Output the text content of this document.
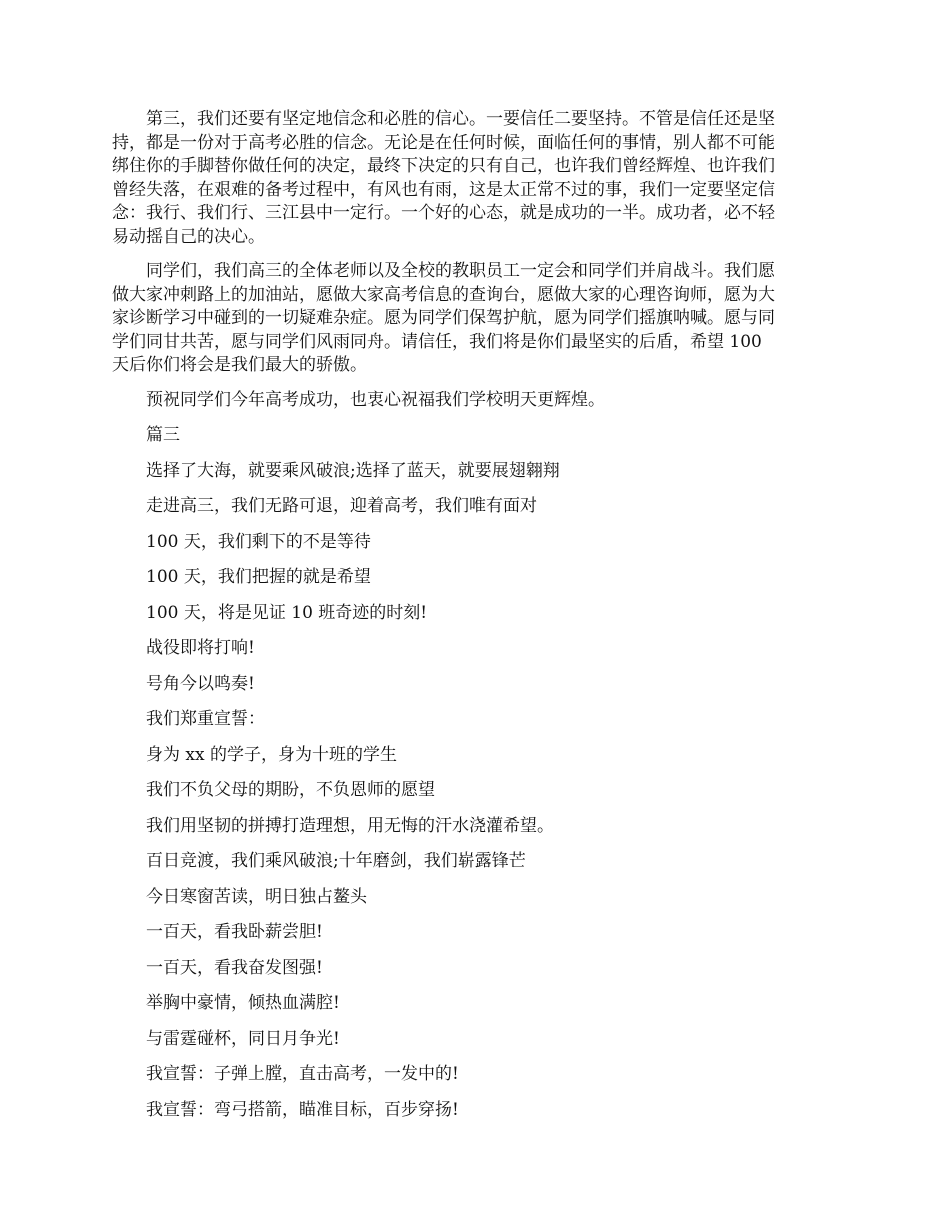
第三，我们还要有坚定地信念和必胜的信心。一要信任二要坚持。不管是信任还是坚
持，都是一份对于高考必胜的信念。无论是在任何时候，面临任何的事情，别人都不可能
绑住你的手脚替你做任何的决定，最终下决定的只有自己，也许我们曾经辉煌、也许我们
曾经失落，在艰难的备考过程中，有风也有雨，这是太正常不过的事，我们一定要坚定信
念：我行、我们行、三江县中一定行。一个好的心态，就是成功的一半。成功者，必不轻
易动摇自己的决心。

同学们，我们高三的全体老师以及全校的教职员工一定会和同学们并肩战斗。我们愿
做大家冲刺路上的加油站，愿做大家高考信息的查询台，愿做大家的心理咨询师，愿为大
家诊断学习中碰到的一切疑难杂症。愿为同学们保驾护航，愿为同学们摇旗呐喊。愿与同
学们同甘共苦，愿与同学们风雨同舟。请信任，我们将是你们最坚实的后盾，希望 100
天后你们将会是我们最大的骄傲。

预祝同学们今年高考成功，也衷心祝福我们学校明天更辉煌。

篇三

选择了大海，就要乘风破浪;选择了蓝天，就要展翅翱翔

走进高三，我们无路可退，迎着高考，我们唯有面对

100 天，我们剩下的不是等待

100 天，我们把握的就是希望

100 天，将是见证 10 班奇迹的时刻!

战役即将打响!

号角今以鸣奏!

我们郑重宣誓：

身为 xx 的学子，身为十班的学生

我们不负父母的期盼，不负恩师的愿望

我们用坚韧的拼搏打造理想，用无悔的汗水浇灌希望。

百日竞渡，我们乘风破浪;十年磨剑，我们崭露锋芒

今日寒窗苦读，明日独占鳌头

一百天，看我卧薪尝胆!

一百天，看我奋发图强!

举胸中豪情，倾热血满腔!

与雷霆碰杯，同日月争光!

我宣誓：子弹上膛，直击高考，一发中的!

我宣誓：弯弓搭箭，瞄准目标，百步穿扬!
